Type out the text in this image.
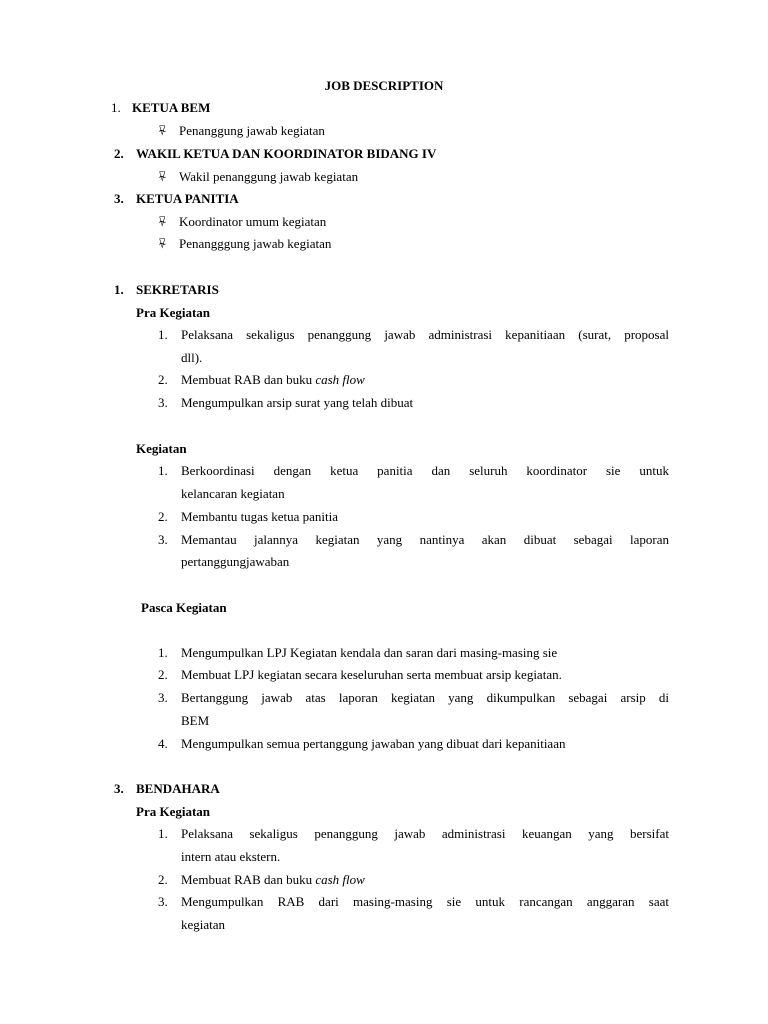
JOB DESCRIPTION
1. KETUA BEM
⍫ Penanggung jawab kegiatan
2. WAKIL KETUA DAN KOORDINATOR BIDANG IV
⍫ Wakil penanggung jawab kegiatan
3. KETUA PANITIA
⍫ Koordinator umum kegiatan
⍫ Penangggung jawab kegiatan
1. SEKRETARIS
Pra Kegiatan
1. Pelaksana sekaligus penanggung jawab administrasi kepanitiaan (surat, proposal
dll).
2. Membuat RAB dan buku cash flow
3. Mengumpulkan arsip surat yang telah dibuat
Kegiatan
1. Berkoordinasi dengan ketua panitia dan seluruh koordinator sie untuk
kelancaran kegiatan
2. Membantu tugas ketua panitia
3. Memantau jalannya kegiatan yang nantinya akan dibuat sebagai laporan
pertanggungjawaban
Pasca Kegiatan
1. Mengumpulkan LPJ Kegiatan kendala dan saran dari masing-masing sie
2. Membuat LPJ kegiatan secara keseluruhan serta membuat arsip kegiatan.
3. Bertanggung jawab atas laporan kegiatan yang dikumpulkan sebagai arsip di
BEM
4. Mengumpulkan semua pertanggung jawaban yang dibuat dari kepanitiaan
3. BENDAHARA
Pra Kegiatan
1. Pelaksana sekaligus penanggung jawab administrasi keuangan yang bersifat
intern atau ekstern.
2. Membuat RAB dan buku cash flow
3. Mengumpulkan RAB dari masing-masing sie untuk rancangan anggaran saat
kegiatan
